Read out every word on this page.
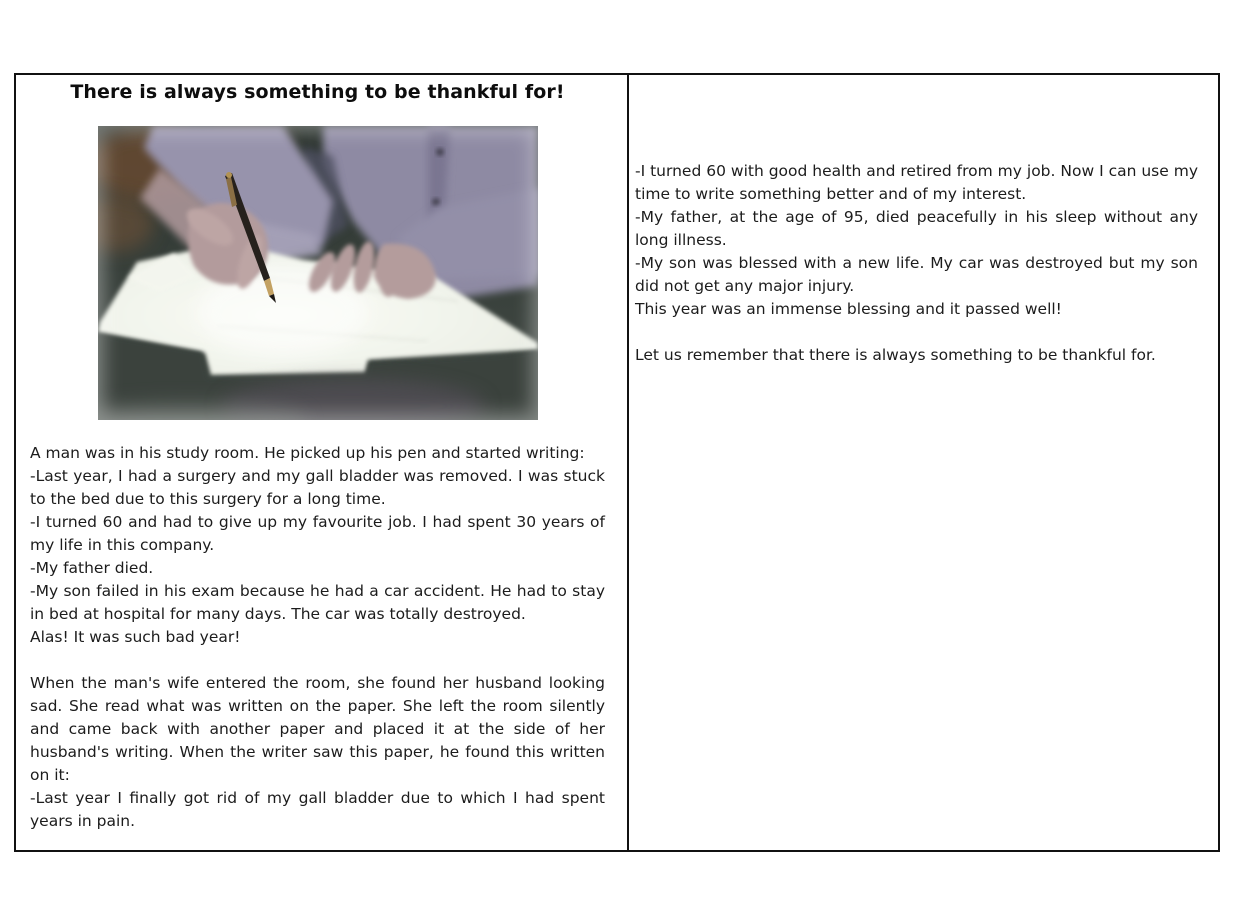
There is always something to be thankful for!

A man was in his study room. He picked up his pen and started writing:

-Last year, I had a surgery and my gall bladder was removed. I was stuck to the bed due to this surgery for a long time.

-I turned 60 and had to give up my favourite job. I had spent 30 years of my life in this company.

-My father died.

-My son failed in his exam because he had a car accident. He had to stay in bed at hospital for many days. The car was totally destroyed.

Alas! It was such bad year!

When the man's wife entered the room, she found her husband looking sad. She read what was written on the paper. She left the room silently and came back with another paper and placed it at the side of her husband's writing. When the writer saw this paper, he found this written on it:

-Last year I finally got rid of my gall bladder due to which I had spent years in pain.

-I turned 60 with good health and retired from my job. Now I can use my time to write something better and of my interest.

-My father, at the age of 95, died peacefully in his sleep without any long illness.

-My son was blessed with a new life. My car was destroyed but my son did not get any major injury.

This year was an immense blessing and it passed well!

Let us remember that there is always something to be thankful for.
